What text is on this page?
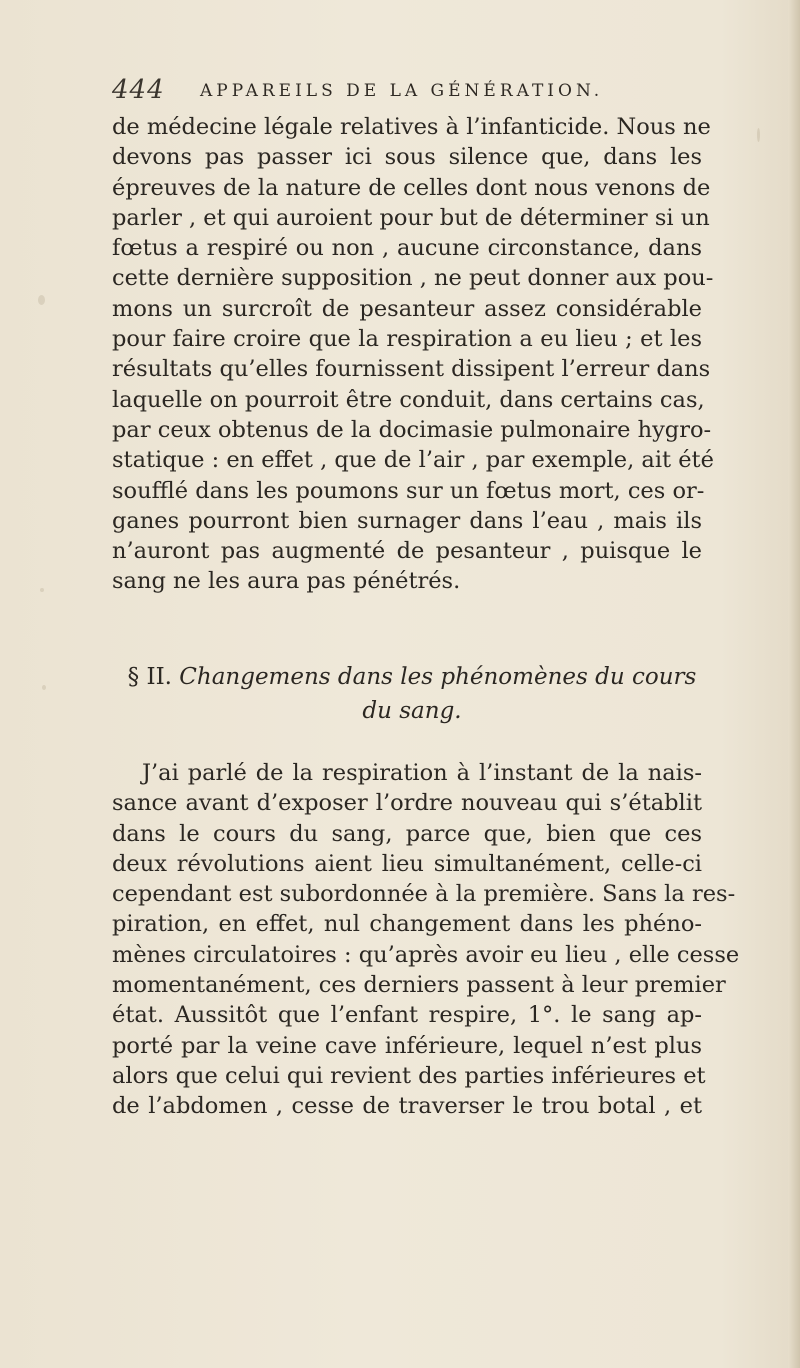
444 APPAREILS DE LA GÉNÉRATION.
de médecine légale relatives à l’infanticide. Nous ne
devons pas passer ici sous silence que, dans les
épreuves de la nature de celles dont nous venons de
parler , et qui auroient pour but de déterminer si un
fœtus a respiré ou non , aucune circonstance, dans
cette dernière supposition , ne peut donner aux pou-
mons un surcroît de pesanteur assez considérable
pour faire croire que la respiration a eu lieu ; et les
résultats qu’elles fournissent dissipent l’erreur dans
laquelle on pourroit être conduit, dans certains cas,
par ceux obtenus de la docimasie pulmonaire hygro-
statique : en effet , que de l’air , par exemple, ait été
soufflé dans les poumons sur un fœtus mort, ces or-
ganes pourront bien surnager dans l’eau , mais ils
n’auront pas augmenté de pesanteur , puisque le
sang ne les aura pas pénétrés.
§ II. Changemens dans les phénomènes du cours
du sang.
J’ai parlé de la respiration à l’instant de la nais-
sance avant d’exposer l’ordre nouveau qui s’établit
dans le cours du sang, parce que, bien que ces
deux révolutions aient lieu simultanément, celle-ci
cependant est subordonnée à la première. Sans la res-
piration, en effet, nul changement dans les phéno-
mènes circulatoires : qu’après avoir eu lieu , elle cesse
momentanément, ces derniers passent à leur premier
état. Aussitôt que l’enfant respire, 1°. le sang ap-
porté par la veine cave inférieure, lequel n’est plus
alors que celui qui revient des parties inférieures et
de l’abdomen , cesse de traverser le trou botal , et
